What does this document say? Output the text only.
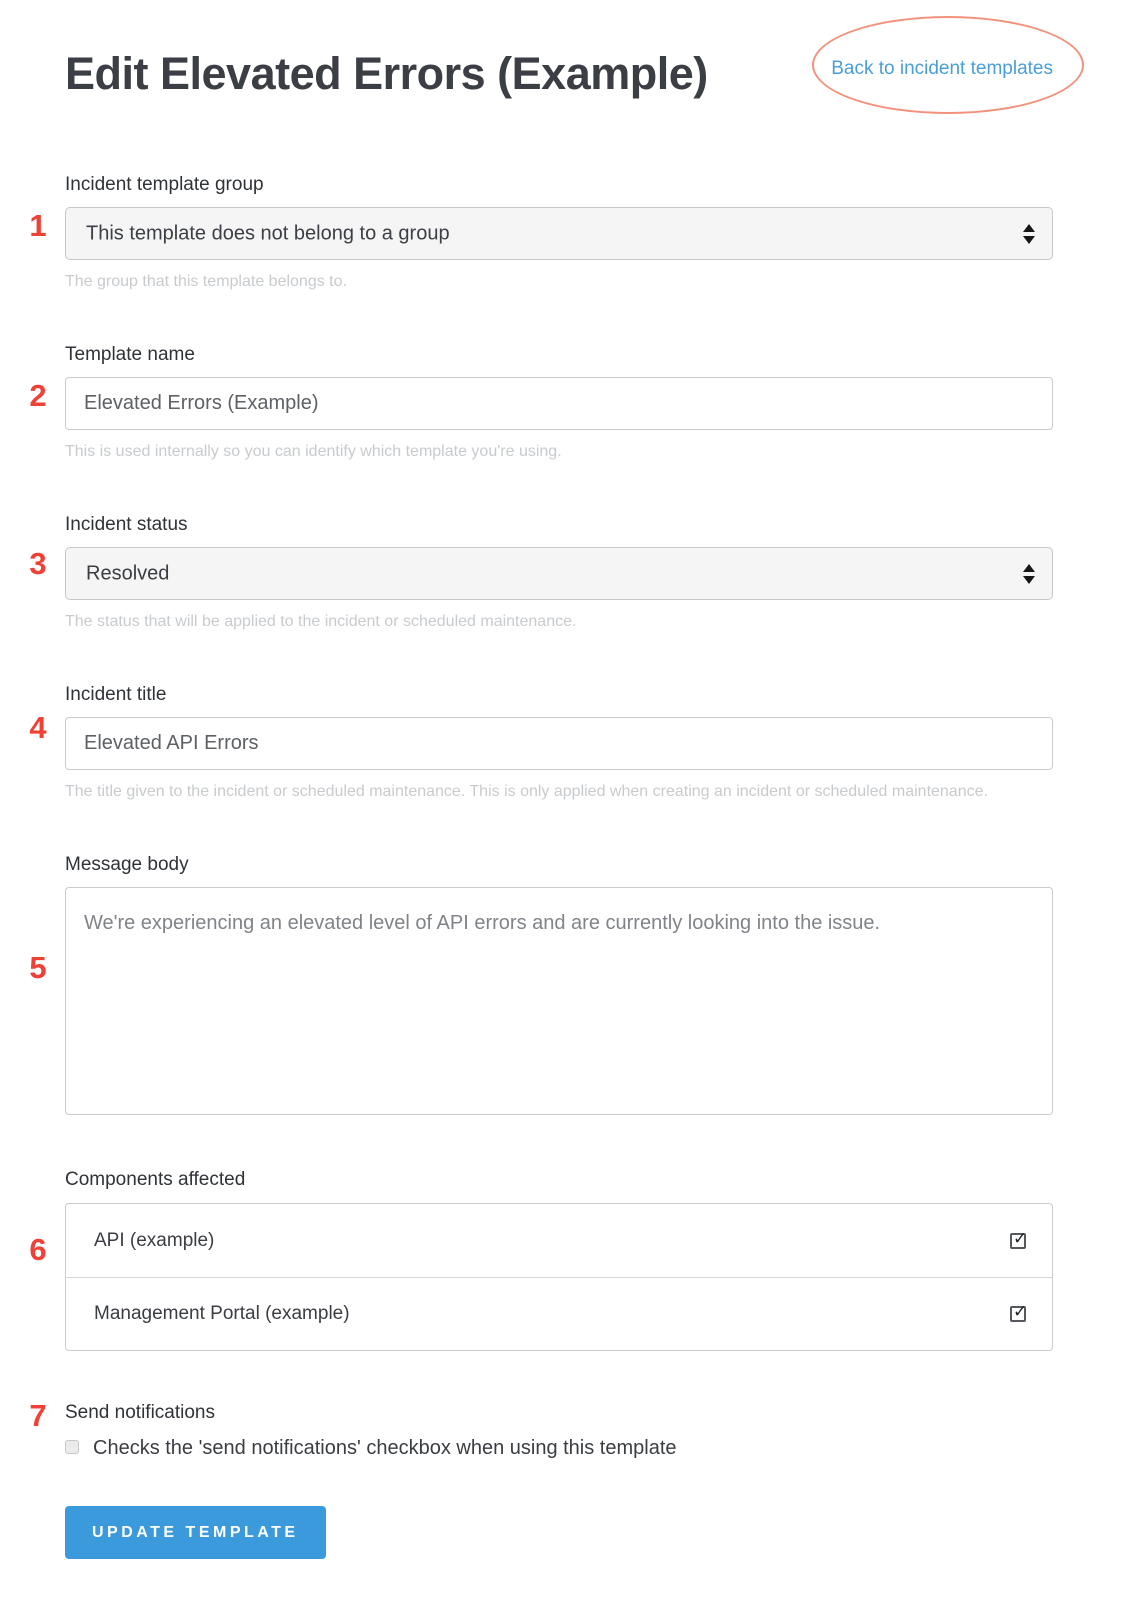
1
2
3
4
5
6
7
Back to incident templates
Edit Elevated Errors (Example)
Incident template group
This template does not belong to a group
The group that this template belongs to.
Template name
Elevated Errors (Example)
This is used internally so you can identify which template you're using.
Incident status
Resolved
The status that will be applied to the incident or scheduled maintenance.
Incident title
Elevated API Errors
The title given to the incident or scheduled maintenance. This is only applied when creating an incident or scheduled maintenance.
Message body
We're experiencing an elevated level of API errors and are currently looking into the issue.
Components affected
API (example)
✓
Management Portal (example)
✓
Send notifications
Checks the 'send notifications' checkbox when using this template
UPDATE TEMPLATE
